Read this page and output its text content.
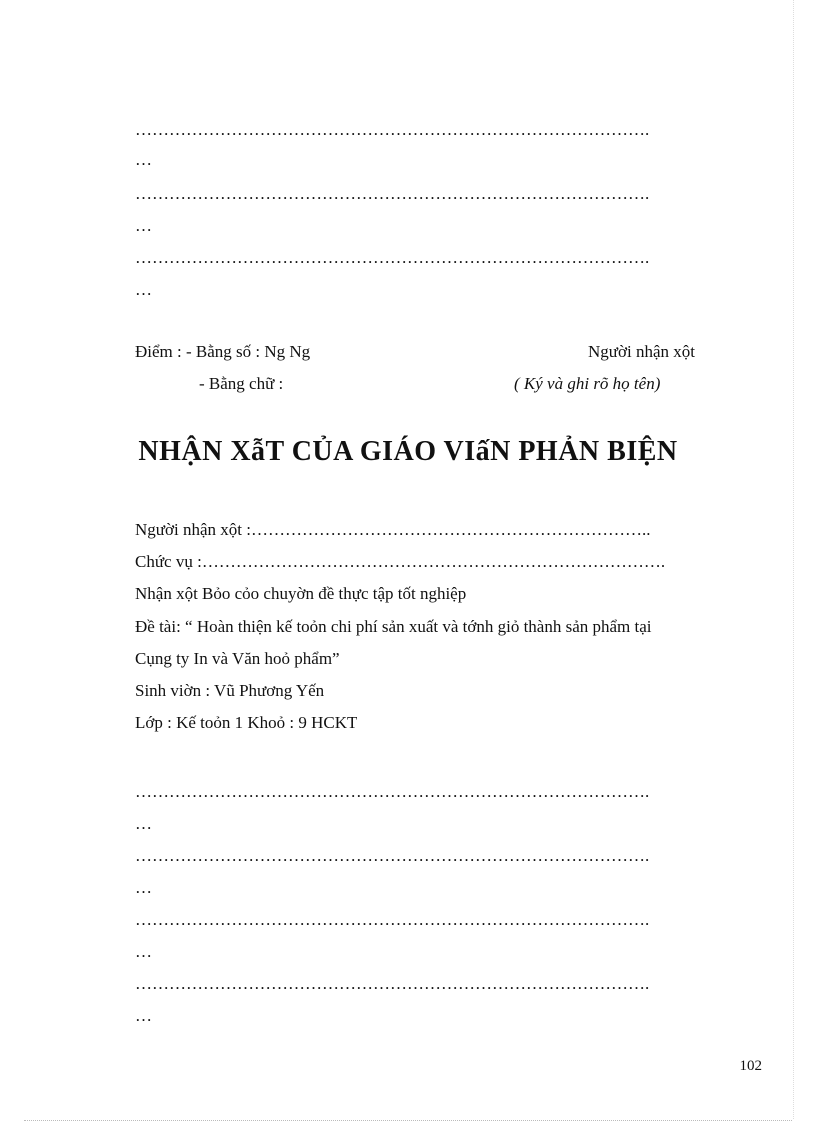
……………………………………………………………………………….
…
……………………………………………………………………………….
…
……………………………………………………………………………….
…
Điểm : - Bằng số : Ng Ng	Người nhận xột
- Bằng chữ :	( Ký và ghi rõ họ tên)
NHẬN XẫT CỦA GIÁO VIấN PHẢN BIỆN
Người nhận xột :……………………………………………………………..
Chức vụ :……………………………………………………………………….
Nhận xột Bỏo cỏo chuyờn đề thực tập tốt nghiệp
Đề tài: “ Hoàn thiện kế toỏn chi phí sản xuất và tớnh giỏ thành sản phẩm tại
Cụng ty In và Văn hoỏ phẩm”
Sinh viờn : Vũ Phương Yến
Lớp : Kế toỏn 1 Khoỏ : 9 HCKT
……………………………………………………………………………….
…
……………………………………………………………………………….
…
……………………………………………………………………………….
…
……………………………………………………………………………….
…
102
